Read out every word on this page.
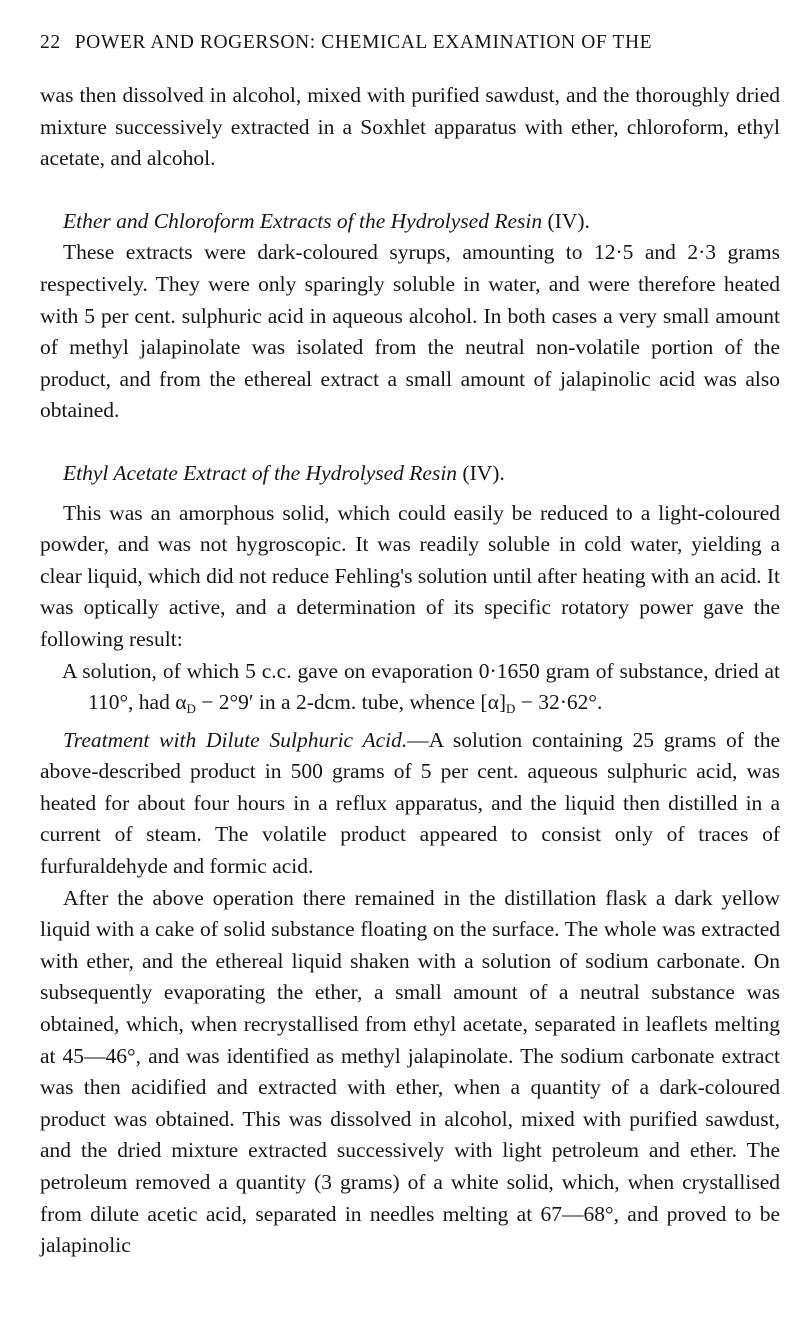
22 POWER AND ROGERSON: CHEMICAL EXAMINATION OF THE

was then dissolved in alcohol, mixed with purified sawdust, and the thoroughly dried mixture successively extracted in a Soxhlet apparatus with ether, chloroform, ethyl acetate, and alcohol.

Ether and Chloroform Extracts of the Hydrolysed Resin (IV).

These extracts were dark-coloured syrups, amounting to 12·5 and 2·3 grams respectively. They were only sparingly soluble in water, and were therefore heated with 5 per cent. sulphuric acid in aqueous alcohol. In both cases a very small amount of methyl jalapinolate was isolated from the neutral non-volatile portion of the product, and from the ethereal extract a small amount of jalapinolic acid was also obtained.

Ethyl Acetate Extract of the Hydrolysed Resin (IV).

This was an amorphous solid, which could easily be reduced to a light-coloured powder, and was not hygroscopic. It was readily soluble in cold water, yielding a clear liquid, which did not reduce Fehling's solution until after heating with an acid. It was optically active, and a determination of its specific rotatory power gave the following result:

A solution, of which 5 c.c. gave on evaporation 0·1650 gram of substance, dried at 110°, had $\alpha_D - 2^\circ 9'$ in a 2-dcm. tube, whence $[\alpha]_D - 32\cdot 62^\circ$.

Treatment with Dilute Sulphuric Acid.—A solution containing 25 grams of the above-described product in 500 grams of 5 per cent. aqueous sulphuric acid, was heated for about four hours in a reflux apparatus, and the liquid then distilled in a current of steam. The volatile product appeared to consist only of traces of furfuraldehyde and formic acid.

After the above operation there remained in the distillation flask a dark yellow liquid with a cake of solid substance floating on the surface. The whole was extracted with ether, and the ethereal liquid shaken with a solution of sodium carbonate. On subsequently evaporating the ether, a small amount of a neutral substance was obtained, which, when recrystallised from ethyl acetate, separated in leaflets melting at 45—46°, and was identified as methyl jalapinolate. The sodium carbonate extract was then acidified and extracted with ether, when a quantity of a dark-coloured product was obtained. This was dissolved in alcohol, mixed with purified sawdust, and the dried mixture extracted successively with light petroleum and ether. The petroleum removed a quantity (3 grams) of a white solid, which, when crystallised from dilute acetic acid, separated in needles melting at 67—68°, and proved to be jalapinolic
